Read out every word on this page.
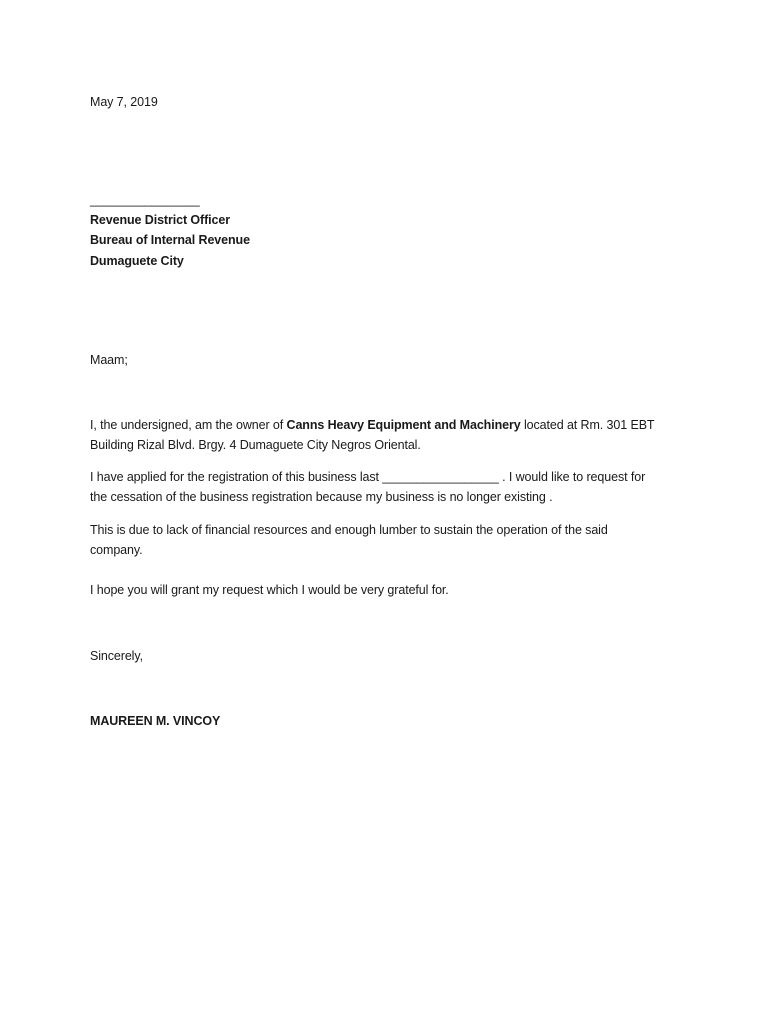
May 7, 2019
________________
Revenue District Officer
Bureau of Internal Revenue
Dumaguete City
Maam;
I, the undersigned, am the owner of Canns Heavy Equipment and Machinery located at Rm. 301 EBT
Building Rizal Blvd. Brgy. 4 Dumaguete City Negros Oriental.
I have applied for the registration of this business last _________________ . I would like to request for
the cessation of the business registration because my business is no longer existing .
This is due to lack of financial resources and enough lumber to sustain the operation of the said
company.
I hope you will grant my request which I would be very grateful for.
Sincerely,
MAUREEN M. VINCOY
